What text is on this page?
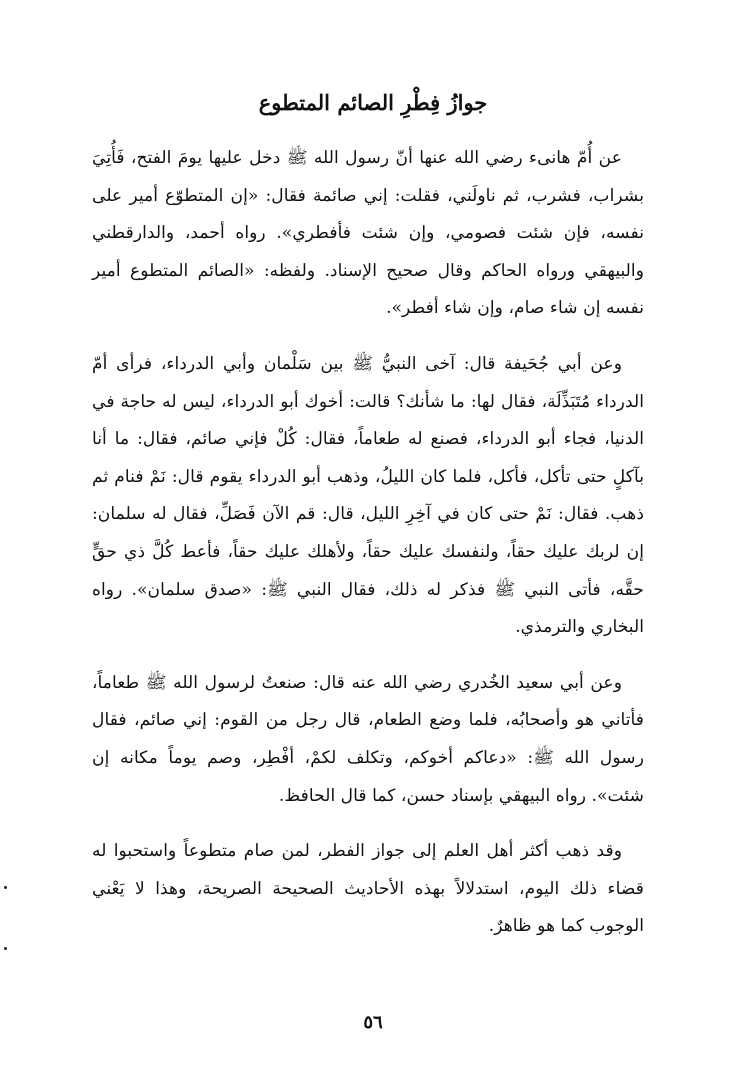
جوازُ فِطْرِ الصائم المتطوع

عن أُمّ هانىء رضي الله عنها أنّ رسول الله ﷺ دخل عليها يومَ الفتح، فَأُتِيَ بشراب، فشرب، ثم ناولَني، فقلت: إني صائمة فقال: «إن المتطوّع أمير على نفسه، فإن شئت فصومي، وإن شئت فأفطري». رواه أحمد، والدارقطني والبيهقي ورواه الحاكم وقال صحيح الإسناد. ولفظه: «الصائم المتطوع أمير نفسه إن شاء صام، وإن شاء أفطر».

وعن أبي جُحَيفة قال: آخى النبيُّ ﷺ بين سَلْمان وأبي الدرداء، فرأى أمّ الدرداء مُتَبَذِّلَة، فقال لها: ما شأنك؟ قالت: أخوك أبو الدرداء، ليس له حاجة في الدنيا، فجاء أبو الدرداء، فصنع له طعاماً، فقال: كُلْ فإني صائم، فقال: ما أنا بآكلٍ حتى تأكل، فأكل، فلما كان الليلُ، وذهب أبو الدرداء يقوم قال: نَمْ فنام ثم ذهب. فقال: نَمْ حتى كان في آخِرِ الليل، قال: قم الآن فَصَلِّ، فقال له سلمان: إن لربك عليك حقاً، ولنفسك عليك حقاً، ولأهلك عليك حقاً، فأعط كُلَّ ذي حقٍّ حقَّه، فأتى النبي ﷺ فذكر له ذلك، فقال النبي ﷺ: «صدق سلمان». رواه البخاري والترمذي.

وعن أبي سعيد الخُدري رضي الله عنه قال: صنعتُ لرسول الله ﷺ طعاماً، فأتاني هو وأصحابُه، فلما وضع الطعام، قال رجل من القوم: إني صائم، فقال رسول الله ﷺ: «دعاكم أخوكم، وتكلف لكمْ، أفْطِر، وصم يوماً مكانه إن شئت». رواه البيهقي بإسناد حسن، كما قال الحافظ.

وقد ذهب أكثر أهل العلم إلى جواز الفطر، لمن صام متطوعاً واستحبوا له قضاء ذلك اليوم، استدلالاً بهذه الأحاديث الصحيحة الصريحة، وهذا لا يَعْني الوجوب كما هو ظاهرٌ.

٥٦
